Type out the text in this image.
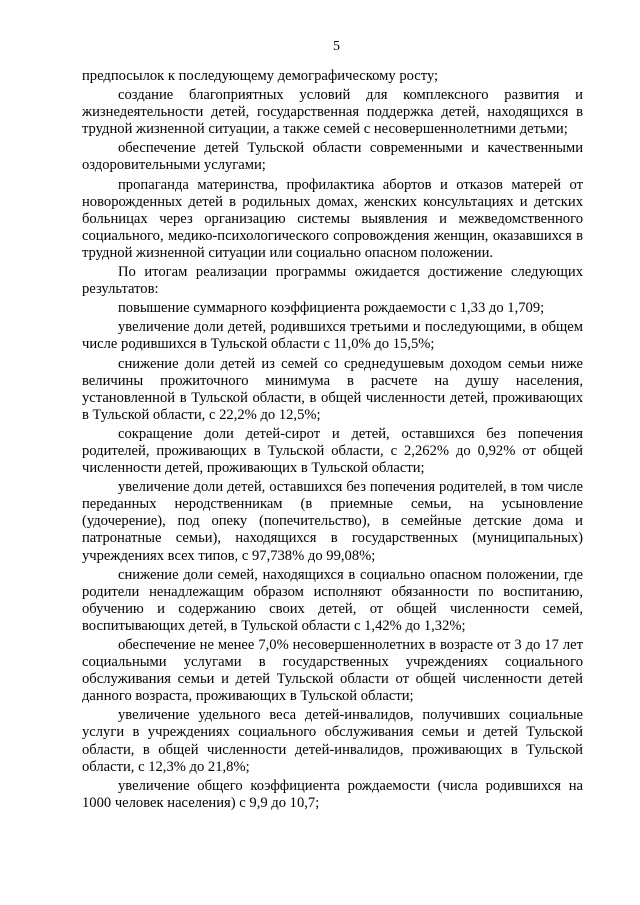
5

предпосылок к последующему демографическому росту;

создание благоприятных условий для комплексного развития и жизнедеятельности детей, государственная поддержка детей, находящихся в трудной жизненной ситуации, а также семей с несовершеннолетними детьми;

обеспечение детей Тульской области современными и качественными оздоровительными услугами;

пропаганда материнства, профилактика абортов и отказов матерей от новорожденных детей в родильных домах, женских консультациях и детских больницах через организацию системы выявления и межведомственного социального, медико-психологического сопровождения женщин, оказавшихся в трудной жизненной ситуации или социально опасном положении.

По итогам реализации программы ожидается достижение следующих результатов:

повышение суммарного коэффициента рождаемости с 1,33 до 1,709;

увеличение доли детей, родившихся третьими и последующими, в общем числе родившихся в Тульской области с 11,0% до 15,5%;

снижение доли детей из семей со среднедушевым доходом семьи ниже величины прожиточного минимума в расчете на душу населения, установленной в Тульской области, в общей численности детей, проживающих в Тульской области, с 22,2% до 12,5%;

сокращение доли детей-сирот и детей, оставшихся без попечения родителей, проживающих в Тульской области, с 2,262% до 0,92% от общей численности детей, проживающих в Тульской области;

увеличение доли детей, оставшихся без попечения родителей, в том числе переданных неродственникам (в приемные семьи, на усыновление (удочерение), под опеку (попечительство), в семейные детские дома и патронатные семьи), находящихся в государственных (муниципальных) учреждениях всех типов, с 97,738% до 99,08%;

снижение доли семей, находящихся в социально опасном положении, где родители ненадлежащим образом исполняют обязанности по воспитанию, обучению и содержанию своих детей, от общей численности семей, воспитывающих детей, в Тульской области с 1,42% до 1,32%;

обеспечение не менее 7,0% несовершеннолетних в возрасте от 3 до 17 лет социальными услугами в государственных учреждениях социального обслуживания семьи и детей Тульской области от общей численности детей данного возраста, проживающих в Тульской области;

увеличение удельного веса детей-инвалидов, получивших социальные услуги в учреждениях социального обслуживания семьи и детей Тульской области, в общей численности детей-инвалидов, проживающих в Тульской области, с 12,3% до 21,8%;

увеличение общего коэффициента рождаемости (числа родившихся на 1000 человек населения) с 9,9 до 10,7;
